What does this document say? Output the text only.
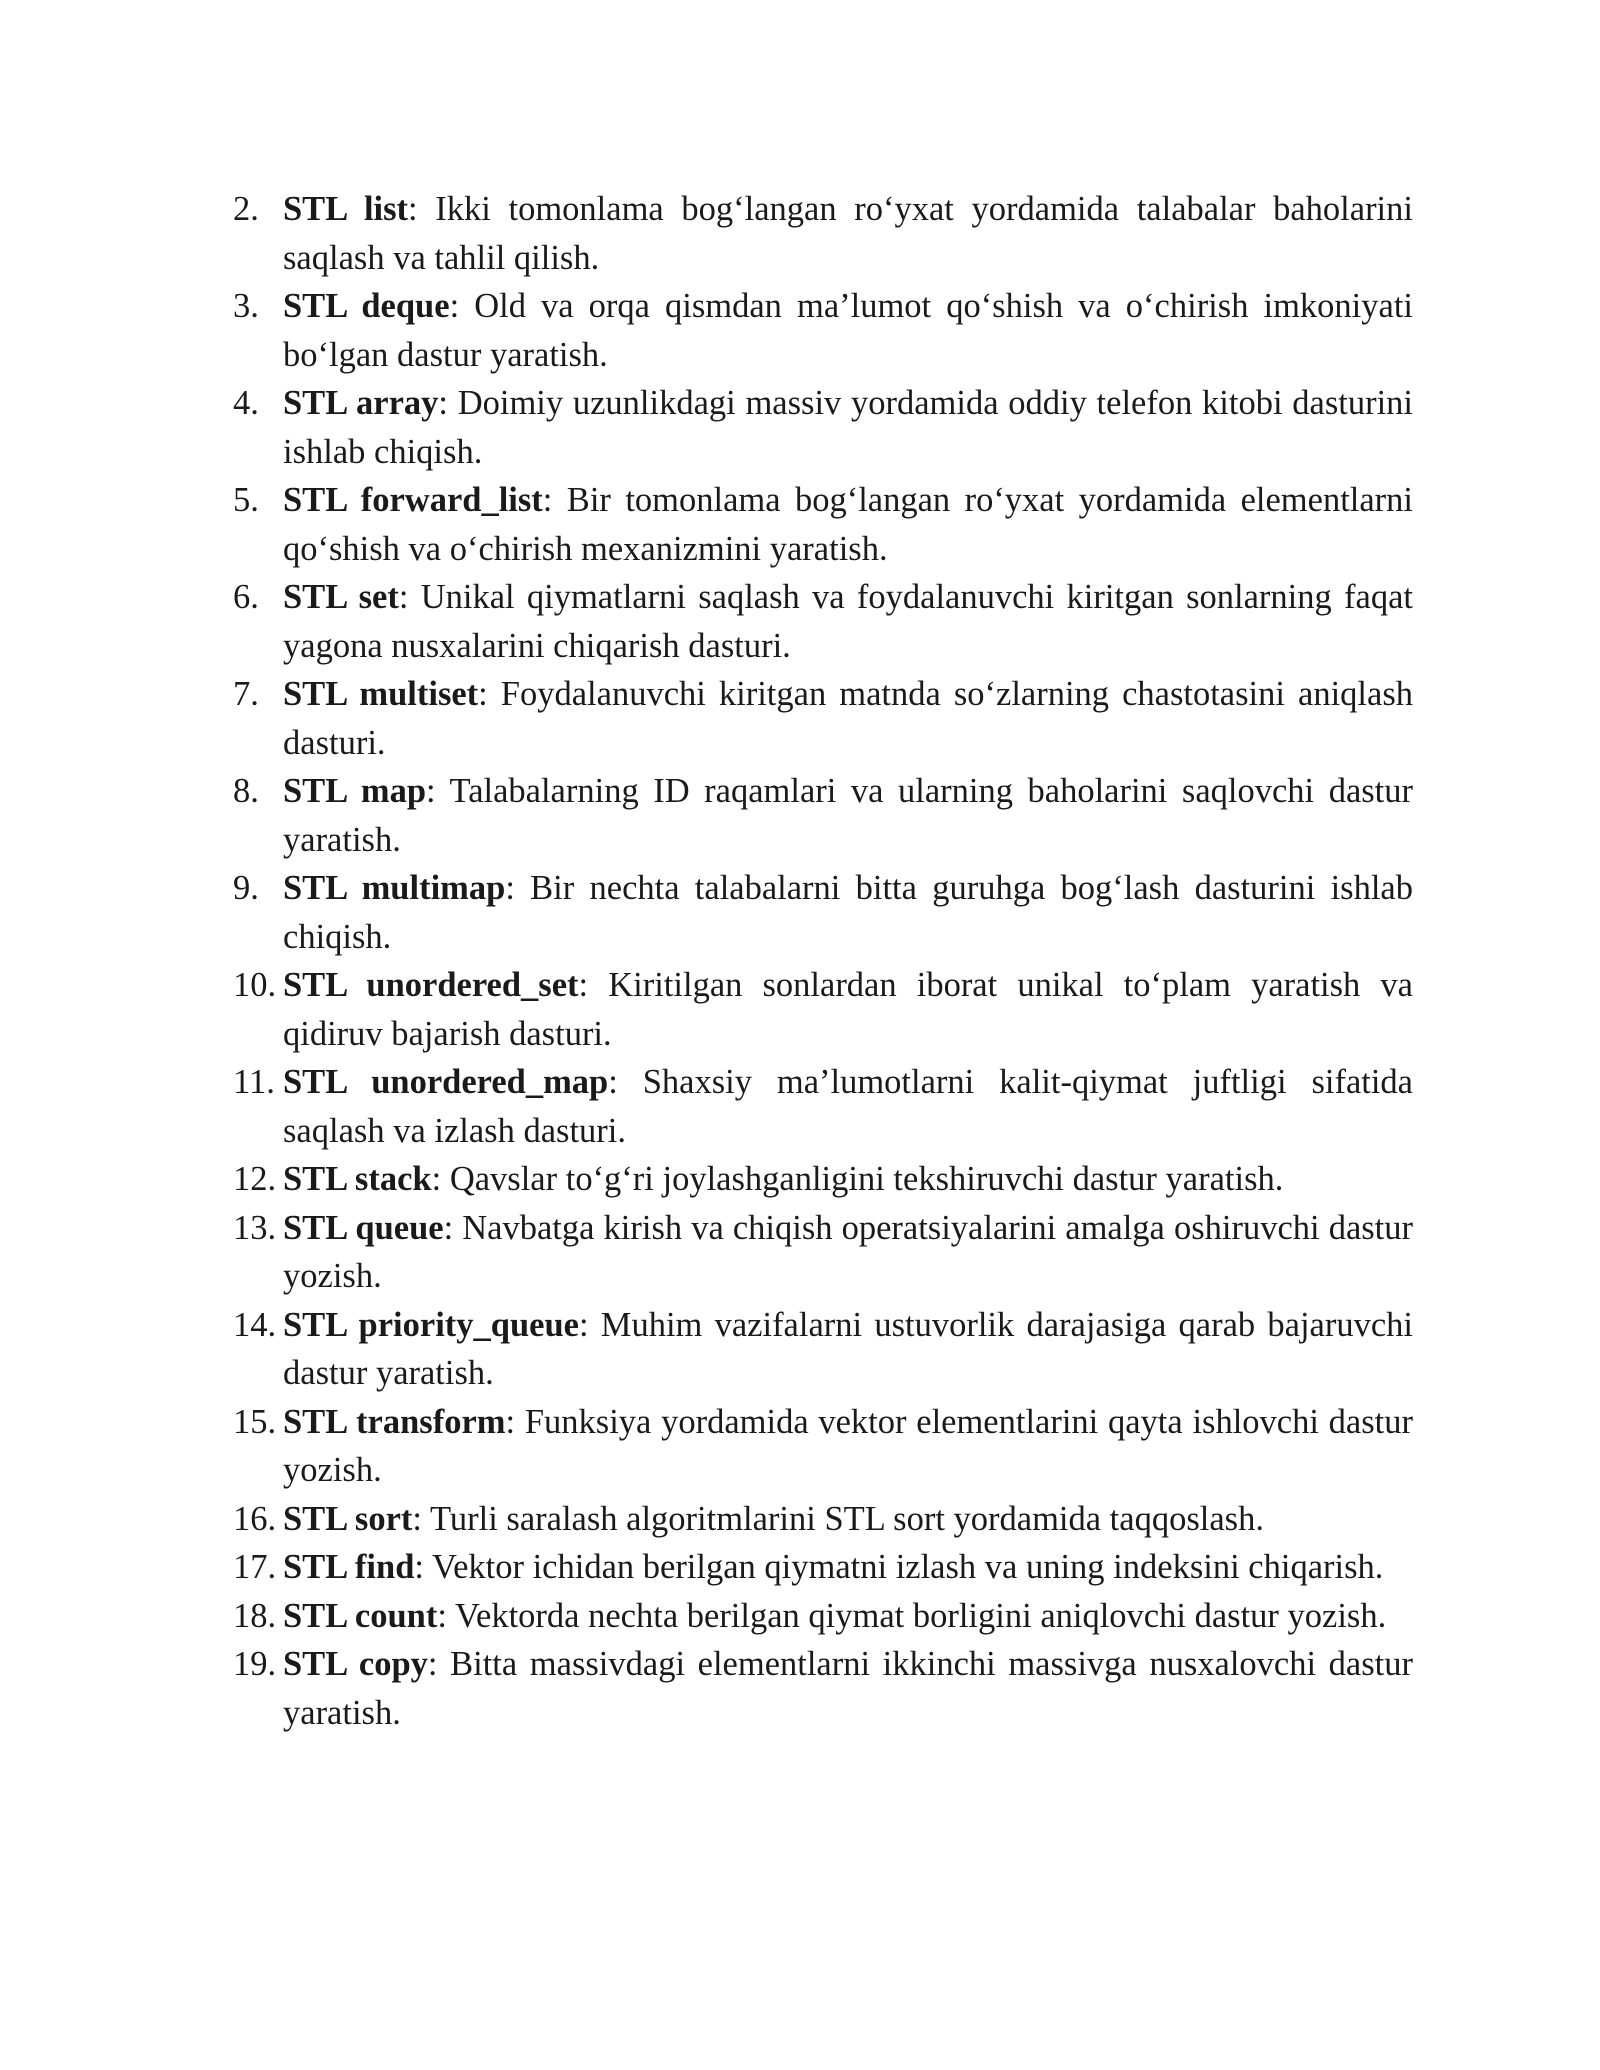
2. STL list: Ikki tomonlama bog‘langan ro‘yxat yordamida talabalar baholarini saqlash va tahlil qilish.
3. STL deque: Old va orqa qismdan ma’lumot qo‘shish va o‘chirish imkoniyati bo‘lgan dastur yaratish.
4. STL array: Doimiy uzunlikdagi massiv yordamida oddiy telefon kitobi dasturini ishlab chiqish.
5. STL forward_list: Bir tomonlama bog‘langan ro‘yxat yordamida elementlarni qo‘shish va o‘chirish mexanizmini yaratish.
6. STL set: Unikal qiymatlarni saqlash va foydalanuvchi kiritgan sonlarning faqat yagona nusxalarini chiqarish dasturi.
7. STL multiset: Foydalanuvchi kiritgan matnda so‘zlarning chastotasini aniqlash dasturi.
8. STL map: Talabalarning ID raqamlari va ularning baholarini saqlovchi dastur yaratish.
9. STL multimap: Bir nechta talabalarni bitta guruhga bog‘lash dasturini ishlab chiqish.
10. STL unordered_set: Kiritilgan sonlardan iborat unikal to‘plam yaratish va qidiruv bajarish dasturi.
11. STL unordered_map: Shaxsiy ma’lumotlarni kalit-qiymat juftligi sifatida saqlash va izlash dasturi.
12. STL stack: Qavslar to‘g‘ri joylashganligini tekshiruvchi dastur yaratish.
13. STL queue: Navbatga kirish va chiqish operatsiyalarini amalga oshiruvchi dastur yozish.
14. STL priority_queue: Muhim vazifalarni ustuvorlik darajasiga qarab bajaruvchi dastur yaratish.
15. STL transform: Funksiya yordamida vektor elementlarini qayta ishlovchi dastur yozish.
16. STL sort: Turli saralash algoritmlarini STL sort yordamida taqqoslash.
17. STL find: Vektor ichidan berilgan qiymatni izlash va uning indeksini chiqarish.
18. STL count: Vektorda nechta berilgan qiymat borligini aniqlovchi dastur yozish.
19. STL copy: Bitta massivdagi elementlarni ikkinchi massivga nusxalovchi dastur yaratish.
